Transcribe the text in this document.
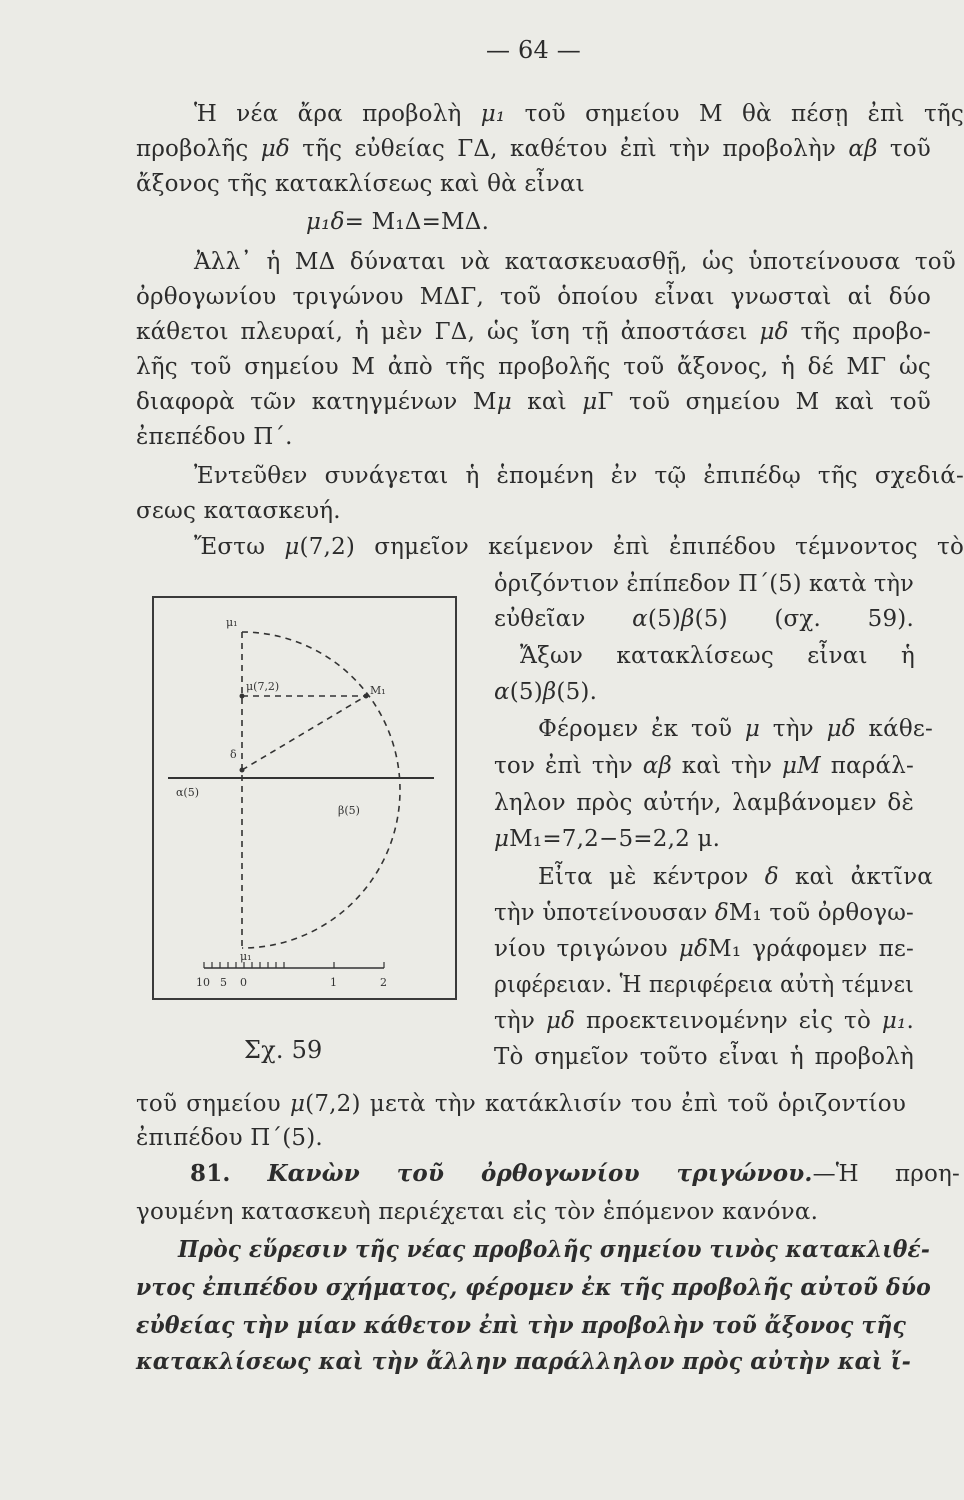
— 64 —
Ἡ νέα ἄρα προβολὴ μ₁ τοῦ σημείου Μ θὰ πέσῃ ἐπὶ τῆς
προβολῆς μδ τῆς εὐθείας ΓΔ, καθέτου ἐπὶ τὴν προβολὴν αβ τοῦ
ἄξονος τῆς κατακλίσεως καὶ θὰ εἶναι
μ₁δ= Μ₁Δ=ΜΔ.
Ἀλλ᾽ ἡ ΜΔ δύναται νὰ κατασκευασθῇ, ὡς ὑποτείνουσα τοῦ
ὀρθογωνίου τριγώνου ΜΔΓ, τοῦ ὁποίου εἶναι γνωσταὶ αἱ δύο
κάθετοι πλευραί, ἡ μὲν ΓΔ, ὡς ἴση τῇ ἀποστάσει μδ τῆς προβο-
λῆς τοῦ σημείου Μ ἀπὸ τῆς προβολῆς τοῦ ἄξονος, ἡ δέ ΜΓ ὡς
διαφορὰ τῶν κατηγμένων Μμ καὶ μΓ τοῦ σημείου Μ καὶ τοῦ
ἐπεπέδου Π΄.
Ἐντεῦθεν συνάγεται ἡ ἑπομένη ἐν τῷ ἐπιπέδῳ τῆς σχεδιά-
σεως κατασκευή.
Ἔστω μ(7,2) σημεῖον κείμενον ἐπὶ ἐπιπέδου τέμνοντος τὸ
ὁριζόντιον ἐπίπεδον Π΄(5) κατὰ τὴν
εὐθεῖαν α(5)β(5) (σχ. 59).
Ἄξων κατακλίσεως εἶναι ἡ
α(5)β(5).
Φέρομεν ἐκ τοῦ μ τὴν μδ κάθε-
τον ἐπὶ τὴν αβ καὶ τὴν μΜ παράλ-
ληλον πρὸς αὐτήν, λαμβάνομεν δὲ
μΜ₁=7,2−5=2,2 μ.
Εἶτα μὲ κέντρον δ καὶ ἀκτῖνα
τὴν ὑποτείνουσαν δΜ₁ τοῦ ὀρθογω-
νίου τριγώνου μδΜ₁ γράφομεν πε-
ριφέρειαν. Ἡ περιφέρεια αὐτὴ τέμνει
τὴν μδ προεκτεινομένην εἰς τὸ μ₁.
Τὸ σημεῖον τοῦτο εἶναι ἡ προβολὴ
τοῦ σημείου μ(7,2) μετὰ τὴν κατάκλισίν του ἐπὶ τοῦ ὁριζοντίου
ἐπιπέδου Π΄(5).
81. Κανὼν τοῦ ὀρθογωνίου τριγώνου.—Ἡ προη-
γουμένη κατασκευὴ περιέχεται εἰς τὸν ἑπόμενον κανόνα.
Πρὸς εὕρεσιν τῆς νέας προβολῆς σημείου τινὸς κατακλιθέ-
ντος ἐπιπέδου σχήματος, φέρομεν ἐκ τῆς προβολῆς αὐτοῦ δύο
εὐθείας τὴν μίαν κάθετον ἐπὶ τὴν προβολὴν τοῦ ἄξονος τῆς
κατακλίσεως καὶ τὴν ἄλλην παράλληλον πρὸς αὐτὴν καὶ ἴ-
μ₁
μ(7,2)	M₁
δ
α(5)
β(5)
μ₁
10 5 0	1	2
Σχ. 59
